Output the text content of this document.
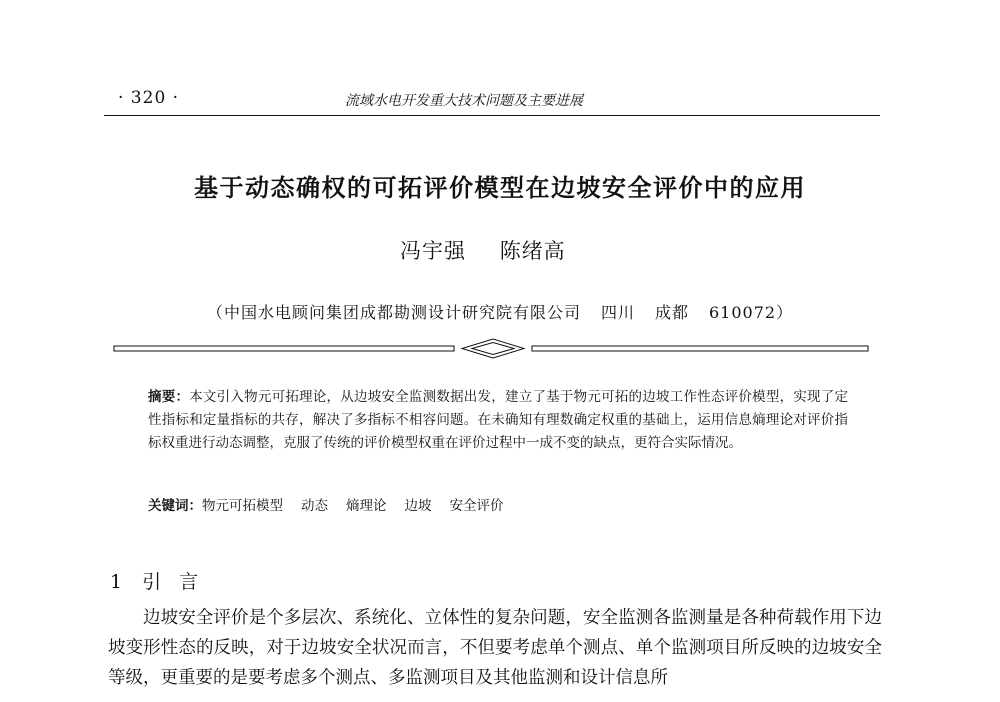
· 320 ·	流域水电开发重大技术问题及主要进展
基于动态确权的可拓评价模型在边坡安全评价中的应用
冯宇强 陈绪高
（中国水电顾问集团成都勘测设计研究院有限公司 四川 成都 610072）
摘要：本文引入物元可拓理论，从边坡安全监测数据出发，建立了基于物元可拓的边坡工作性态评价模型，实现了定性指标和定量指标的共存，解决了多指标不相容问题。在未确知有理数确定权重的基础上，运用信息熵理论对评价指标权重进行动态调整，克服了传统的评价模型权重在评价过程中一成不变的缺点，更符合实际情况。
关键词：物元可拓模型 动态 熵理论 边坡 安全评价
1 引言
边坡安全评价是个多层次、系统化、立体性的复杂问题，安全监测各监测量是各种荷载作用下边坡变形性态的反映，对于边坡安全状况而言，不但要考虑单个测点、单个监测项目所反映的边坡安全等级，更重要的是要考虑多个测点、多监测项目及其他监测和设计信息所
